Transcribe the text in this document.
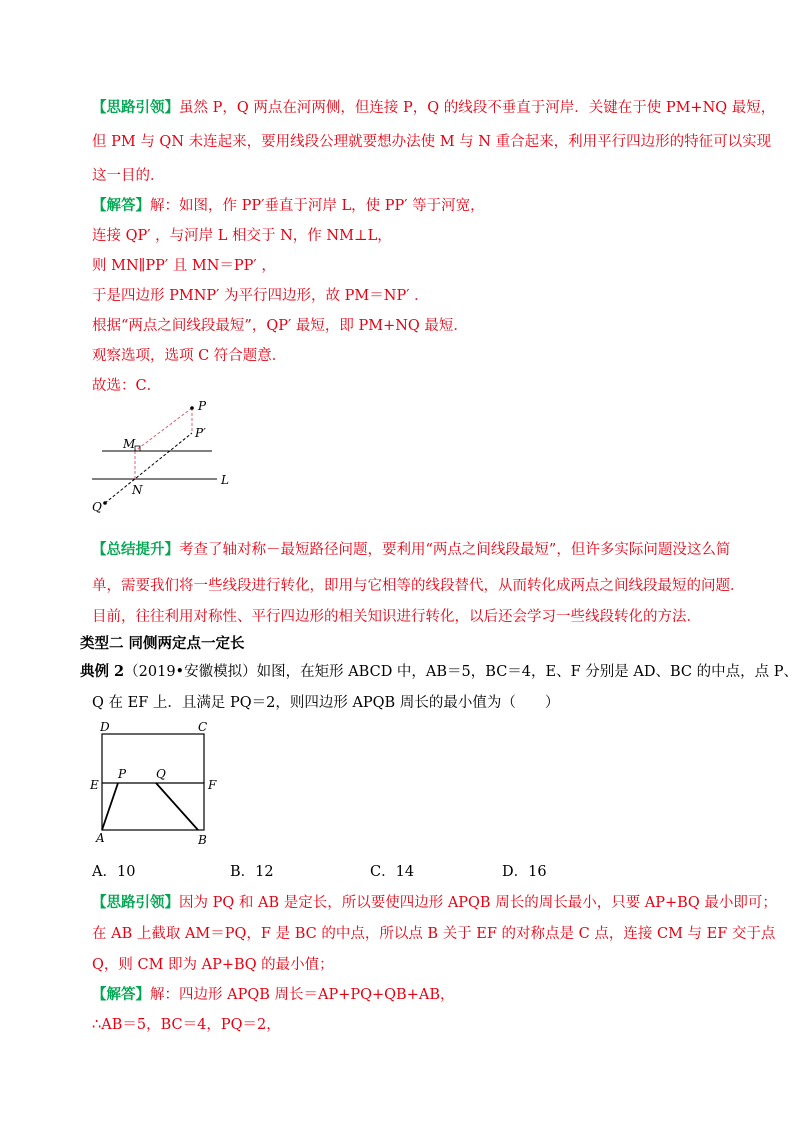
【思路引领】虽然 P，Q 两点在河两侧，但连接 P，Q 的线段不垂直于河岸．关键在于使 PM+NQ 最短，
但 PM 与 QN 未连起来，要用线段公理就要想办法使 M 与 N 重合起来，利用平行四边形的特征可以实现
这一目的．
【解答】解：如图，作 PP′垂直于河岸 L，使 PP′ 等于河宽，
连接 QP′ ，与河岸 L 相交于 N，作 NM⊥L，
则 MN∥PP′ 且 MN＝PP′ ，
于是四边形 PMNP′ 为平行四边形，故 PM＝NP′ ．
根据“两点之间线段最短”，QP′ 最短，即 PM+NQ 最短．
观察选项，选项 C 符合题意．
故选：C．
P
P′
M
N
Q
L
【总结提升】考查了轴对称－最短路径问题，要利用“两点之间线段最短”，但许多实际问题没这么简
单，需要我们将一些线段进行转化，即用与它相等的线段替代，从而转化成两点之间线段最短的问题．
目前，往往利用对称性、平行四边形的相关知识进行转化，以后还会学习一些线段转化的方法．
类型二 同侧两定点一定长
典例 2（2019•安徽模拟）如图，在矩形 ABCD 中，AB＝5，BC＝4，E、F 分别是 AD、BC 的中点，点 P、
Q 在 EF 上．且满足 PQ＝2，则四边形 APQB 周长的最小值为（　　）
D	C
E	F
P Q
A	B
A．10	B．12	C．14	D．16
【思路引领】因为 PQ 和 AB 是定长，所以要使四边形 APQB 周长的周长最小，只要 AP+BQ 最小即可；
在 AB 上截取 AM＝PQ，F 是 BC 的中点，所以点 B 关于 EF 的对称点是 C 点，连接 CM 与 EF 交于点
Q，则 CM 即为 AP+BQ 的最小值；
【解答】解：四边形 APQB 周长＝AP+PQ+QB+AB，
∴AB＝5，BC＝4，PQ＝2，
